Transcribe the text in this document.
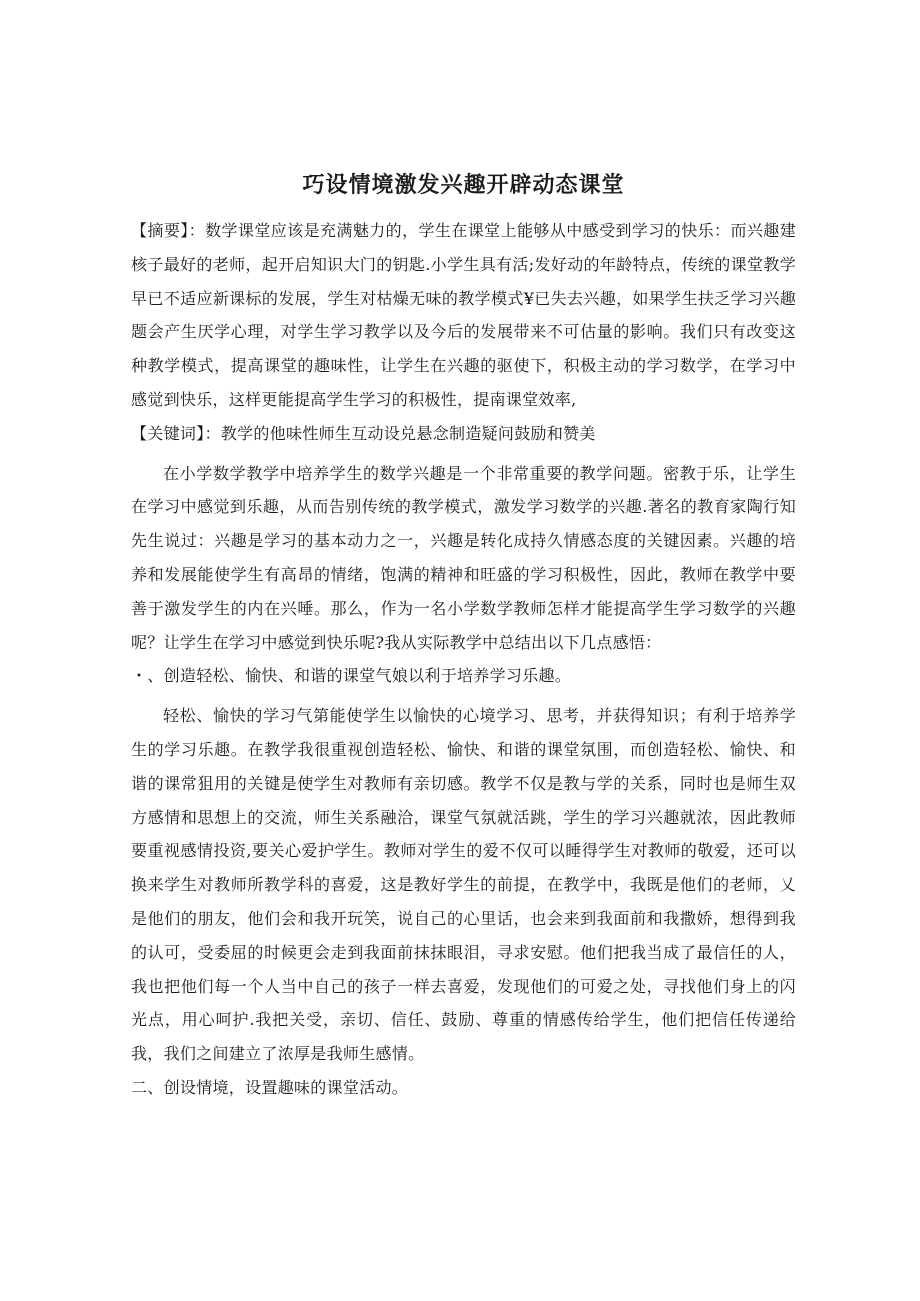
巧设情境激发兴趣开辟动态课堂

【摘要】：数学课堂应该是充满魅力的，学生在课堂上能够从中感受到学习的快乐：而兴趣建核子最好的老师，起开启知识大门的钥匙.小学生具有活;发好动的年龄特点，传统的课堂教学早已不适应新课标的发展，学生对枯燥无味的教学模式¥已失去兴趣，如果学生扶乏学习兴趣题会产生厌学心理，对学生学习教学以及今后的发展带来不可估量的影响。我们只有改变这种教学模式，提高课堂的趣味性，让学生在兴趣的驱使下，积极主动的学习数学，在学习中感觉到快乐，这样更能提高学生学习的积极性，提南课堂效率,

【关键词】：教学的他味性师生互动设兑悬念制造疑问鼓励和赞美

在小学数学教学中培养学生的数学兴趣是一个非常重要的教学问题。密教于乐，让学生在学习中感觉到乐趣，从而告别传统的教学模式，激发学习数学的兴趣.著名的教育家陶行知先生说过：兴趣是学习的基本动力之一，兴趣是转化成持久情感态度的关键因素。兴趣的培养和发展能使学生有高昂的情绪，饱满的精神和旺盛的学习积极性，因此，教师在教学中要善于激发学生的内在兴唾。那么，作为一名小学数学教师怎样才能提高学生学习数学的兴趣呢？让学生在学习中感觉到快乐呢?我从实际教学中总结出以下几点感悟：

・、创造轻松、愉快、和谐的课堂气娘以利于培养学习乐趣。

轻松、愉快的学习气第能使学生以愉快的心境学习、思考，并获得知识；有利于培养学生的学习乐趣。在教学我很重视创造轻松、愉快、和谐的课堂氛围，而创造轻松、愉快、和谐的课常狙用的关键是使学生对教师有亲切感。教学不仅是教与学的关系，同时也是师生双方感情和思想上的交流，师生关系融洽，课堂气氛就活跳，学生的学习兴趣就浓，因此教师要重视感情投资,要关心爱护学生。教师对学生的爱不仅可以睡得学生对教师的敬爱，还可以换来学生对教师所教学科的喜爱，这是教好学生的前提，在教学中，我既是他们的老师，乂是他们的朋友，他们会和我开玩笑，说自己的心里话，也会来到我面前和我撒娇，想得到我的认可，受委屈的时候更会走到我面前抹抹眼泪，寻求安慰。他们把我当成了最信任的人，我也把他们每一个人当中自己的孩子一样去喜爱，发现他们的可爱之处，寻找他们身上的闪光点，用心呵护.我把关受，亲切、信任、鼓励、尊重的情感传给学生，他们把信任传递给我，我们之间建立了浓厚是我师生感情。

二、创设情境，设置趣味的课堂活动。
